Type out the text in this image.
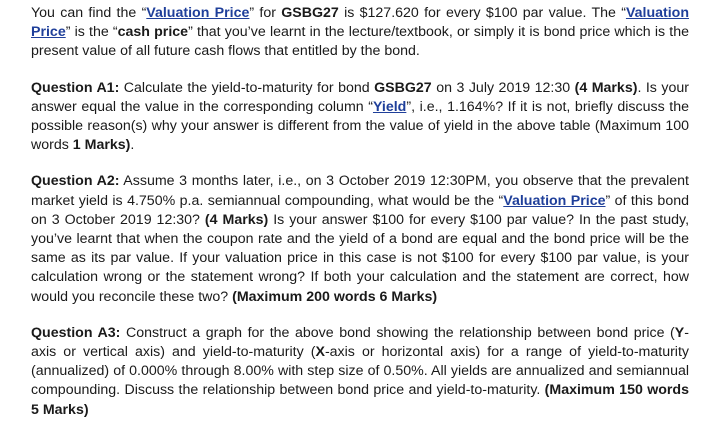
You can find the “Valuation Price” for GSBG27 is $127.620 for every $100 par value. The “Valuation Price” is the “cash price” that you’ve learnt in the lecture/textbook, or simply it is bond price which is the present value of all future cash flows that entitled by the bond.

Question A1: Calculate the yield-to-maturity for bond GSBG27 on 3 July 2019 12:30 (4 Marks). Is your answer equal the value in the corresponding column “Yield”, i.e., 1.164%? If it is not, briefly discuss the possible reason(s) why your answer is different from the value of yield in the above table (Maximum 100 words 1 Marks).

Question A2: Assume 3 months later, i.e., on 3 October 2019 12:30PM, you observe that the prevalent market yield is 4.750% p.a. semiannual compounding, what would be the “Valuation Price” of this bond on 3 October 2019 12:30? (4 Marks) Is your answer $100 for every $100 par value? In the past study, you’ve learnt that when the coupon rate and the yield of a bond are equal and the bond price will be the same as its par value. If your valuation price in this case is not $100 for every $100 par value, is your calculation wrong or the statement wrong? If both your calculation and the statement are correct, how would you reconcile these two? (Maximum 200 words 6 Marks)

Question A3: Construct a graph for the above bond showing the relationship between bond price (Y-axis or vertical axis) and yield-to-maturity (X-axis or horizontal axis) for a range of yield-to-maturity (annualized) of 0.000% through 8.00% with step size of 0.50%. All yields are annualized and semiannual compounding. Discuss the relationship between bond price and yield-to-maturity. (Maximum 150 words 5 Marks)
